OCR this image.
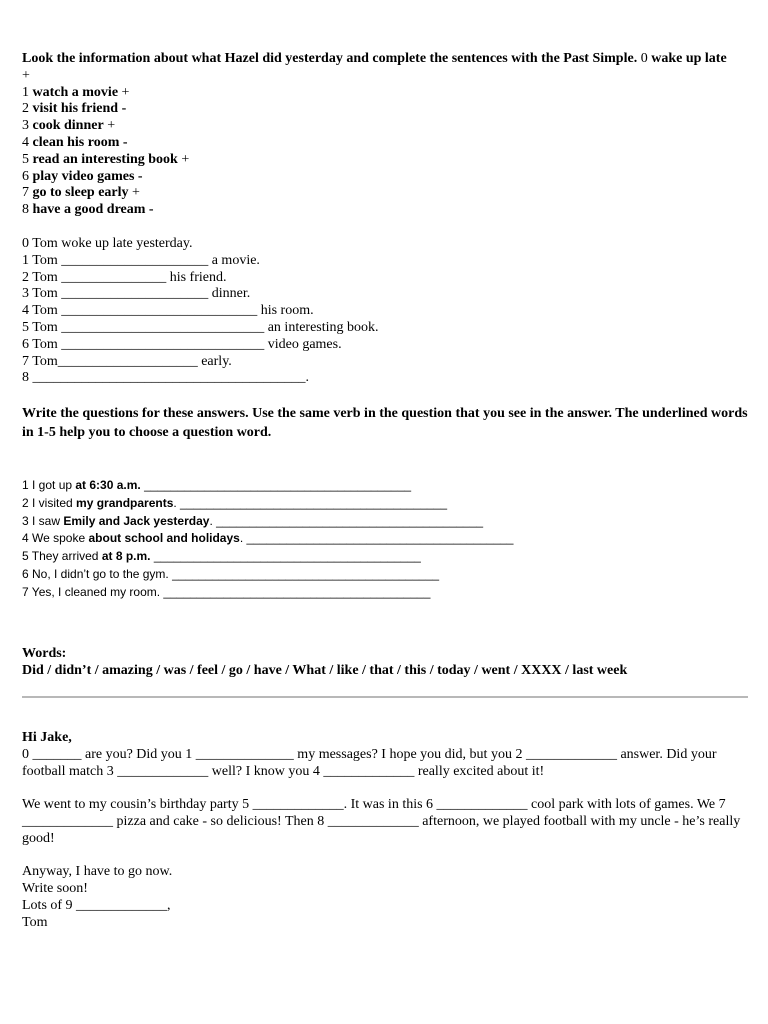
Look the information about what Hazel did yesterday and complete the sentences with the Past Simple. 0 wake up late
+
1 watch a movie +
2 visit his friend -
3 cook dinner +
4 clean his room -
5 read an interesting book +
6 play video games -
7 go to sleep early +
8 have a good dream -
0 Tom woke up late yesterday.
1 Tom _____________________ a movie.
2 Tom _______________ his friend.
3 Tom _____________________ dinner.
4 Tom ____________________________ his room.
5 Tom _____________________________ an interesting book.
6 Tom _____________________________ video games.
7 Tom____________________ early.
8 _______________________________________.
Write the questions for these answers. Use the same verb in the question that you see in the answer. The underlined words in 1-5 help you to choose a question word.
1 I got up at 6:30 a.m. ________________________________________
2 I visited my grandparents. ________________________________________
3 I saw Emily and Jack yesterday. ________________________________________
4 We spoke about school and holidays. ________________________________________
5 They arrived at 8 p.m. ________________________________________
6 No, I didn’t go to the gym. ________________________________________
7 Yes, I cleaned my room. ________________________________________
Words:
Did / didn’t / amazing / was / feel / go / have / What / like / that / this / today / went / XXXX / last week

Hi Jake,

0 _______ are you? Did you 1 ______________ my messages? I hope you did, but you 2 _____________ answer. Did your football match 3 _____________ well? I know you 4 _____________ really excited about it!

We went to my cousin’s birthday party 5 _____________. It was in this 6 _____________ cool park with lots of games. We 7 _____________ pizza and cake - so delicious! Then 8 _____________ afternoon, we played football with my uncle - he’s really good!

Anyway, I have to go now.
Write soon!
Lots of 9 _____________,
Tom
